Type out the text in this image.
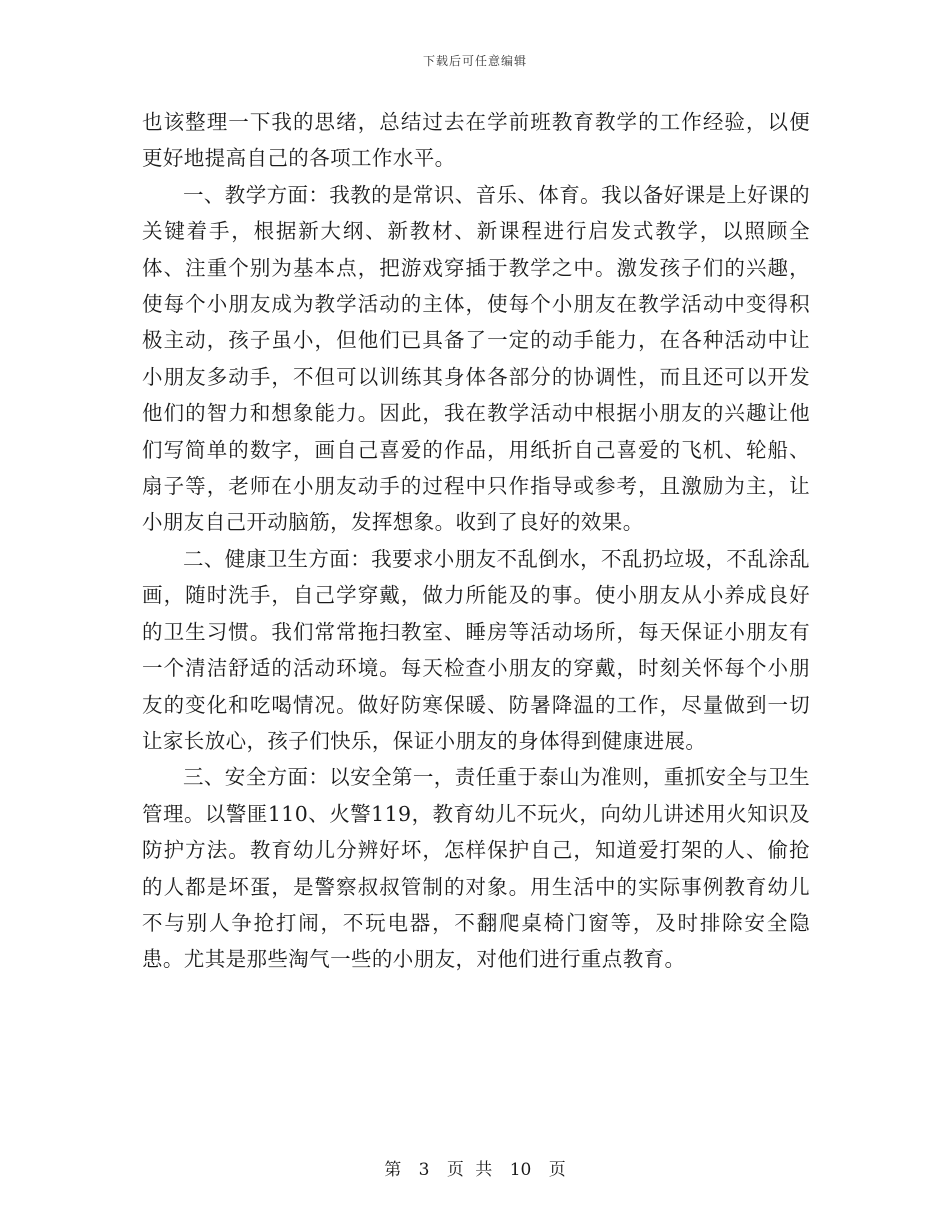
下载后可任意编辑

也该整理一下我的思绪，总结过去在学前班教育教学的工作经验，以便更好地提高自己的各项工作水平。

一、教学方面：我教的是常识、音乐、体育。我以备好课是上好课的关键着手，根据新大纲、新教材、新课程进行启发式教学，以照顾全体、注重个别为基本点，把游戏穿插于教学之中。激发孩子们的兴趣，使每个小朋友成为教学活动的主体，使每个小朋友在教学活动中变得积极主动，孩子虽小，但他们已具备了一定的动手能力，在各种活动中让小朋友多动手，不但可以训练其身体各部分的协调性，而且还可以开发他们的智力和想象能力。因此，我在教学活动中根据小朋友的兴趣让他们写简单的数字，画自己喜爱的作品，用纸折自己喜爱的飞机、轮船、扇子等，老师在小朋友动手的过程中只作指导或参考，且激励为主，让小朋友自己开动脑筋，发挥想象。收到了良好的效果。

二、健康卫生方面：我要求小朋友不乱倒水，不乱扔垃圾，不乱涂乱画，随时洗手，自己学穿戴，做力所能及的事。使小朋友从小养成良好的卫生习惯。我们常常拖扫教室、睡房等活动场所，每天保证小朋友有一个清洁舒适的活动环境。每天检查小朋友的穿戴，时刻关怀每个小朋友的变化和吃喝情况。做好防寒保暖、防暑降温的工作，尽量做到一切让家长放心，孩子们快乐，保证小朋友的身体得到健康进展。

三、安全方面：以安全第一，责任重于泰山为准则，重抓安全与卫生管理。以警匪110、火警119，教育幼儿不玩火，向幼儿讲述用火知识及防护方法。教育幼儿分辨好坏，怎样保护自己，知道爱打架的人、偷抢的人都是坏蛋，是警察叔叔管制的对象。用生活中的实际事例教育幼儿不与别人争抢打闹，不玩电器，不翻爬桌椅门窗等，及时排除安全隐患。尤其是那些淘气一些的小朋友，对他们进行重点教育。

第 3 页 共 10 页
